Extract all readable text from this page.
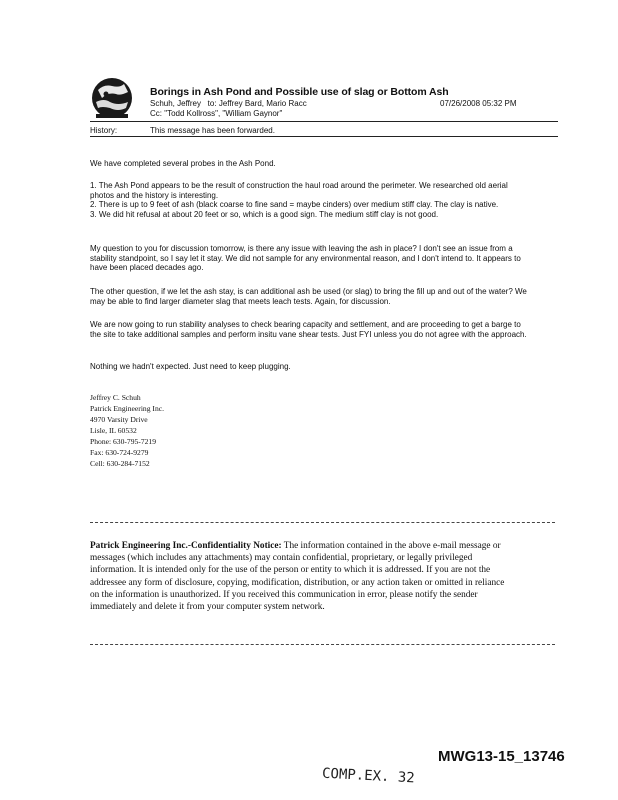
Borings in Ash Pond and Possible use of slag or Bottom Ash
Schuh, Jeffrey to: Jeffrey Bard, Mario Racc	07/26/2008 05:32 PM
Cc: "Todd Kollross", "William Gaynor"
History:	This message has been forwarded.
We have completed several probes in the Ash Pond.

1. The Ash Pond appears to be the result of construction the haul road around the perimeter. We researched old aerial photos and the history is interesting.

2. There is up to 9 feet of ash (black coarse to fine sand = maybe cinders) over medium stiff clay. The clay is native.

3. We did hit refusal at about 20 feet or so, which is a good sign. The medium stiff clay is not good.

My question to you for discussion tomorrow, is there any issue with leaving the ash in place? I don't see an issue from a stability standpoint, so I say let it stay. We did not sample for any environmental reason, and I don't intend to. It appears to have been placed decades ago.
The other question, if we let the ash stay, is can additional ash be used (or slag) to bring the fill up and out of the water? We may be able to find larger diameter slag that meets leach tests. Again, for discussion.
We are now going to run stability analyses to check bearing capacity and settlement, and are proceeding to get a barge to the site to take additional samples and perform insitu vane shear tests. Just FYI unless you do not agree with the approach.
Nothing we hadn't expected. Just need to keep plugging.
Jeffrey C. Schuh
Patrick Engineering Inc.
4970 Varsity Drive
Lisle, IL 60532
Phone: 630-795-7219
Fax: 630-724-9279
Cell: 630-284-7152
Patrick Engineering Inc.-Confidentiality Notice: The information contained in the above e-mail message or messages (which includes any attachments) may contain confidential, proprietary, or legally privileged information. It is intended only for the use of the person or entity to which it is addressed. If you are not the addressee any form of disclosure, copying, modification, distribution, or any action taken or omitted in reliance on the information is unauthorized. If you received this communication in error, please notify the sender immediately and delete it from your computer system network.
MWG13-15_13746
COMP.EX. 32
